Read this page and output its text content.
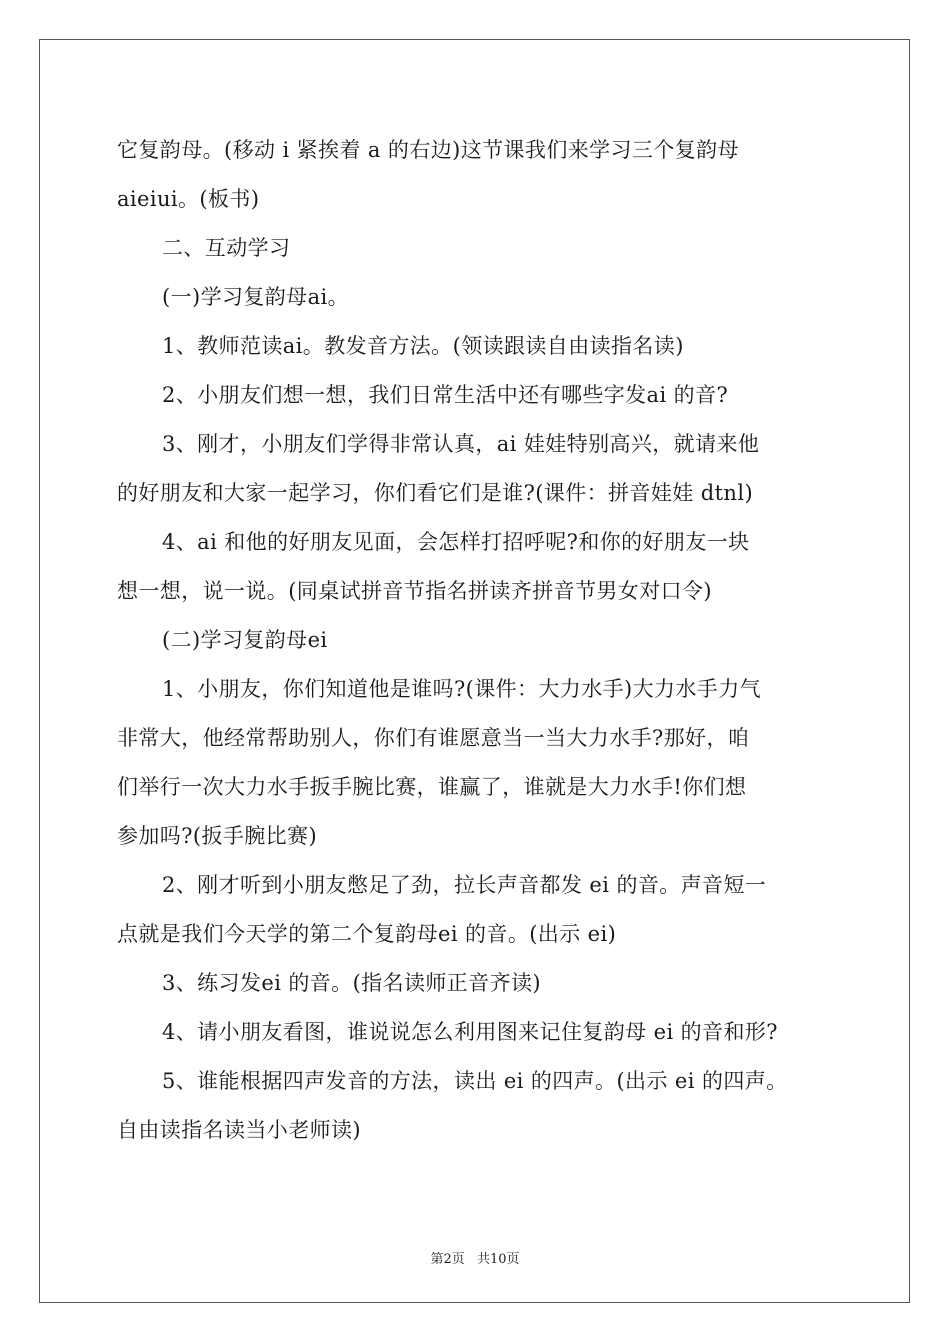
它复韵母。(移动 i 紧挨着 a 的右边)这节课我们来学习三个复韵母
aieiui。(板书)
二、互动学习
(一)学习复韵母ai。
1、教师范读ai。教发音方法。(领读跟读自由读指名读)
2、小朋友们想一想，我们日常生活中还有哪些字发ai 的音?
3、刚才，小朋友们学得非常认真，ai 娃娃特别高兴，就请来他
的好朋友和大家一起学习，你们看它们是谁?(课件：拼音娃娃 dtnl)
4、ai 和他的好朋友见面，会怎样打招呼呢?和你的好朋友一块
想一想，说一说。(同桌试拼音节指名拼读齐拼音节男女对口令)
(二)学习复韵母ei
1、小朋友，你们知道他是谁吗?(课件：大力水手)大力水手力气
非常大，他经常帮助别人，你们有谁愿意当一当大力水手?那好，咱
们举行一次大力水手扳手腕比赛，谁赢了，谁就是大力水手!你们想
参加吗?(扳手腕比赛)
2、刚才听到小朋友憋足了劲，拉长声音都发 ei 的音。声音短一
点就是我们今天学的第二个复韵母ei 的音。(出示 ei)
3、练习发ei 的音。(指名读师正音齐读)
4、请小朋友看图，谁说说怎么利用图来记住复韵母 ei 的音和形?
5、谁能根据四声发音的方法，读出 ei 的四声。(出示 ei 的四声。
自由读指名读当小老师读)
第2页 共10页
